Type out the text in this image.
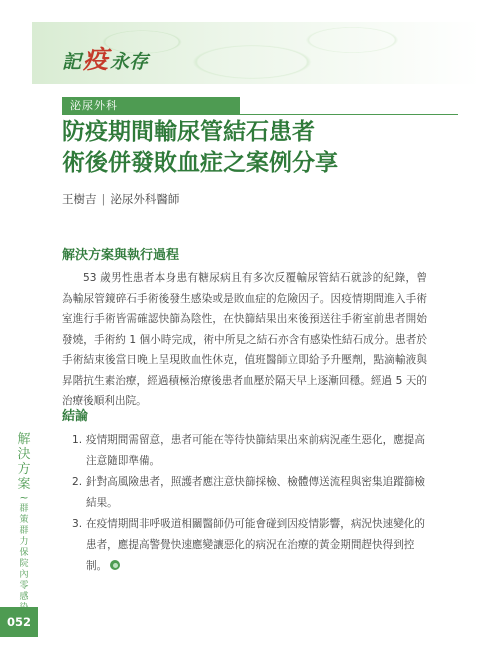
記 疫 永存
泌尿外科
防疫期間輸尿管結石患者
術後併發敗血症之案例分享
王樹吉 | 泌尿外科醫師
解決方案與執行過程

53 歲男性患者本身患有糖尿病且有多次反覆輸尿管結石就診的紀錄，曾為輸尿管鏡碎石手術後發生感染或是敗血症的危險因子。因疫情期間進入手術室進行手術皆需確認快篩為陰性，在快篩結果出來後預送往手術室前患者開始發燒，手術約 1 個小時完成，術中所見之結石亦含有感染性結石成分。患者於手術結束後當日晚上呈現敗血性休克，值班醫師立即給予升壓劑，點滴輸液與昇階抗生素治療，經過積極治療後患者血壓於隔天早上逐漸回穩。經過 5 天的治療後順利出院。

結論
1. 疫情期間需留意，患者可能在等待快篩結果出來前病況產生惡化，應提高注意隨即準備。
2. 針對高風險患者，照護者應注意快篩採檢、檢體傳送流程與密集追蹤篩檢結果。
3. 在疫情期間非呼吸道相關醫師仍可能會碰到因疫情影響，病況快速變化的患者，應提高警覺快速應變讓惡化的病況在治療的黃金期間趕快得到控制。
解
決
方
案
~
群
策
群
力
保
院
內
零
感
052
